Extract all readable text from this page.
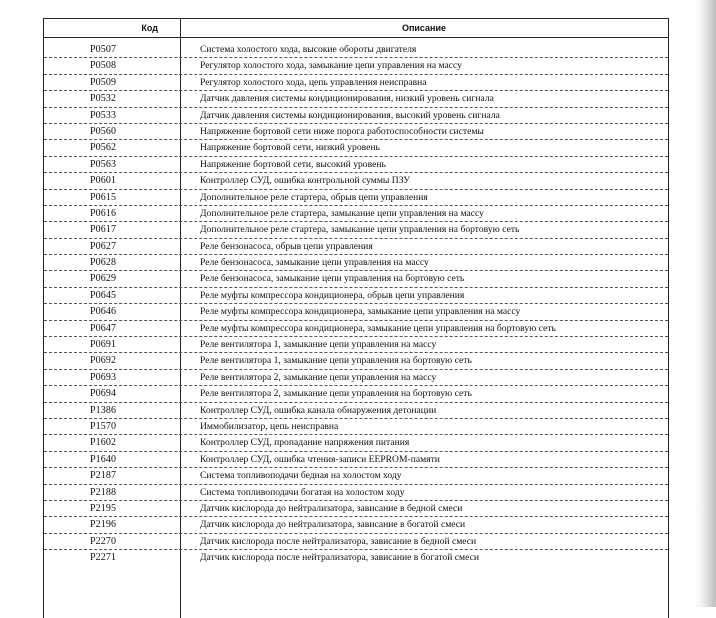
Код	Описание
P0507	Система холостого хода, высокие обороты двигателя
P0508	Регулятор холостого хода, замыкание цепи управления на массу
P0509	Регулятор холостого хода, цепь управления неисправна
P0532	Датчик давления системы кондиционирования, низкий уровень сигнала
P0533	Датчик давления системы кондиционирования, высокий уровень сигнала
P0560	Напряжение бортовой сети ниже порога работоспособности системы
P0562	Напряжение бортовой сети, низкий уровень
P0563	Напряжение бортовой сети, высокий уровень
P0601	Контроллер СУД, ошибка контрольной суммы ПЗУ
P0615	Дополнительное реле стартера, обрыв цепи управления
P0616	Дополнительное реле стартера, замыкание цепи управления на массу
P0617	Дополнительное реле стартера, замыкание цепи управления на бортовую сеть
P0627	Реле бензонасоса, обрыв цепи управления
P0628	Реле бензонасоса, замыкание цепи управления на массу
P0629	Реле бензонасоса, замыкание цепи управления на бортовую сеть
P0645	Реле муфты компрессора кондиционера, обрыв цепи управления
P0646	Реле муфты компрессора кондиционера, замыкание цепи управления на массу
P0647	Реле муфты компрессора кондиционера, замыкание цепи управления на бортовую сеть
P0691	Реле вентилятора 1, замыкание цепи управления на массу
P0692	Реле вентилятора 1, замыкание цепи управления на бортовую сеть
P0693	Реле вентилятора 2, замыкание цепи управления на массу
P0694	Реле вентилятора 2, замыкание цепи управления на бортовую сеть
P1386	Контроллер СУД, ошибка канала обнаружения детонации
P1570	Иммобилизатор, цепь неисправна
P1602	Контроллер СУД, пропадание напряжения питания
P1640	Контроллер СУД, ошибка чтения-записи EEPROM-памяти
P2187	Система топливоподачи бедная на холостом ходу
P2188	Система топливоподачи богатая на холостом ходу
P2195	Датчик кислорода до нейтрализатора, зависание в бедной смеси
P2196	Датчик кислорода до нейтрализатора, зависание в богатой смеси
P2270	Датчик кислорода после нейтрализатора, зависание в бедной смеси
P2271	Датчик кислорода после нейтрализатора, зависание в богатой смеси
